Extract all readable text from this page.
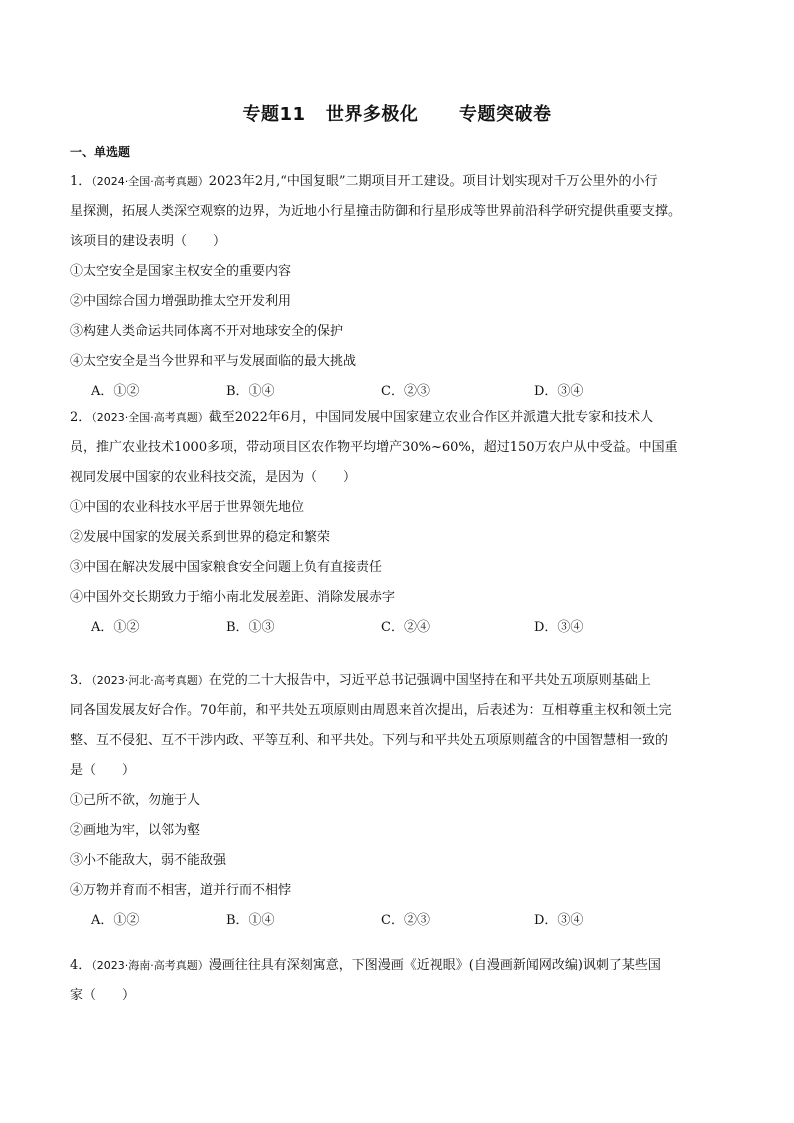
专题11 世界多极化 专题突破卷
一、单选题
1．（2024·全国·高考真题）2023年2月,“中国复眼”二期项目开工建设。项目计划实现对千万公里外的小行
星探测，拓展人类深空观察的边界，为近地小行星撞击防御和行星形成等世界前沿科学研究提供重要支撑。
该项目的建设表明（　　）
①太空安全是国家主权安全的重要内容
②中国综合国力增强助推太空开发利用
③构建人类命运共同体离不开对地球安全的保护
④太空安全是当今世界和平与发展面临的最大挑战
A．①②	B．①④	C．②③	D．③④
2．（2023·全国·高考真题）截至2022年6月，中国同发展中国家建立农业合作区并派遣大批专家和技术人
员，推广农业技术1000多项，带动项目区农作物平均增产30%~60%，超过150万农户从中受益。中国重
视同发展中国家的农业科技交流，是因为（　　）
①中国的农业科技水平居于世界领先地位
②发展中国家的发展关系到世界的稳定和繁荣
③中国在解决发展中国家粮食安全问题上负有直接责任
④中国外交长期致力于缩小南北发展差距、消除发展赤字
A．①②	B．①③	C．②④	D．③④
3．（2023·河北·高考真题）在党的二十大报告中，习近平总书记强调中国坚持在和平共处五项原则基础上
同各国发展友好合作。70年前，和平共处五项原则由周恩来首次提出，后表述为：互相尊重主权和领土完
整、互不侵犯、互不干涉内政、平等互利、和平共处。下列与和平共处五项原则蕴含的中国智慧相一致的
是（　　）
①己所不欲，勿施于人
②画地为牢，以邻为壑
③小不能敌大，弱不能敌强
④万物并育而不相害，道并行而不相悖
A．①②	B．①④	C．②③	D．③④
4．（2023·海南·高考真题）漫画往往具有深刻寓意，下图漫画《近视眼》(自漫画新闻网改编)讽刺了某些国
家（　　）
